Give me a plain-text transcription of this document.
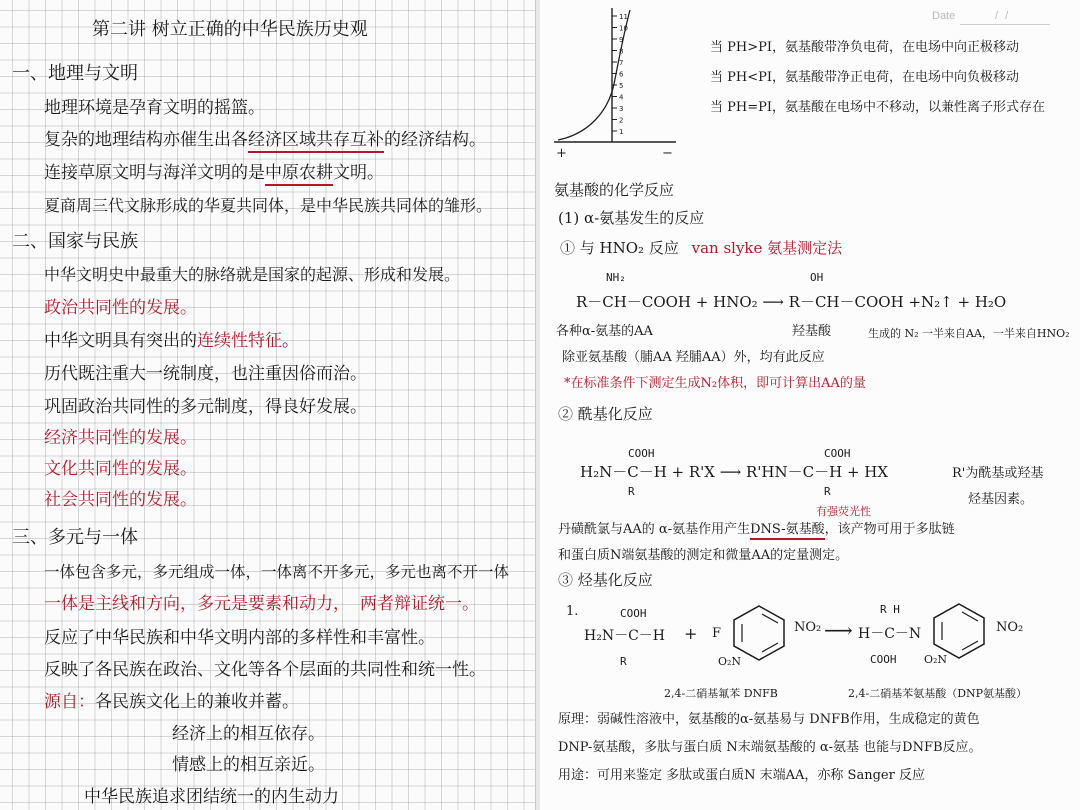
第二讲 树立正确的中华民族历史观
一、地理与文明
地理环境是孕育文明的摇篮。
复杂的地理结构亦催生出各经济区域共存互补的经济结构。
连接草原文明与海洋文明的是中原农耕文明。
夏商周三代文脉形成的华夏共同体，是中华民族共同体的雏形。
二、国家与民族
中华文明史中最重大的脉络就是国家的起源、形成和发展。
政治共同性的发展。
中华文明具有突出的连续性特征。
历代既注重大一统制度，也注重因俗而治。
巩固政治共同性的多元制度，得良好发展。
经济共同性的发展。
文化共同性的发展。
社会共同性的发展。
三、多元与一体
一体包含多元，多元组成一体，一体离不开多元，多元也离不开一体
一体是主线和方向，多元是要素和动力， 两者辩证统一。
反应了中华民族和中华文明内部的多样性和丰富性。
反映了各民族在政治、文化等各个层面的共同性和统一性。
源自：各民族文化上的兼收并蓄。
经济上的相互依存。
情感上的相互亲近。
中华民族追求团结统一的内生动力
Date	/ /
11
10
9
8
7
6
5
4
3
2
1
+	−
当 PH>PI，氨基酸带净负电荷，在电场中向正极移动
当 PH<PI，氨基酸带净正电荷，在电场中向负极移动
当 PH=PI，氨基酸在电场中不移动，以兼性离子形式存在
氨基酸的化学反应
(1) α-氨基发生的反应
① 与 HNO₂ 反应 van slyke 氨基测定法
NH₂	OH
R－CH－COOH + HNO₂ ⟶ R－CH－COOH +N₂↑ + H₂O
各种α-氨基的AA	羟基酸	生成的 N₂ 一半来自AA，一半来自HNO₂
除亚氨基酸（脯AA 羟脯AA）外，均有此反应
*在标准条件下测定生成N₂体积，即可计算出AA的量
② 酰基化反应
COOH	COOH
H₂N－C－H + R'X ⟶ R'HN－C－H + HX
R	R
R'为酰基或羟基
烃基因素。
有强荧光性
丹磺酰氯与AA的 α-氨基作用产生DNS-氨基酸，该产物可用于多肽链
和蛋白质N端氨基酸的测定和微量AA的定量测定。
③ 烃基化反应
1.	COOH
H₂N－C－H
R
+ F	NO₂
O₂N
⟶
R H
H－C－N
COOH
NO₂
O₂N
2,4-二硝基氟苯 DNFB	2,4-二硝基苯氨基酸（DNP氨基酸）
原理：弱碱性溶液中，氨基酸的α-氨基易与 DNFB作用，生成稳定的黄色
DNP-氨基酸，多肽与蛋白质 N末端氨基酸的 α-氨基 也能与DNFB反应。
用途：可用来鉴定 多肽或蛋白质N 末端AA，亦称 Sanger 反应
